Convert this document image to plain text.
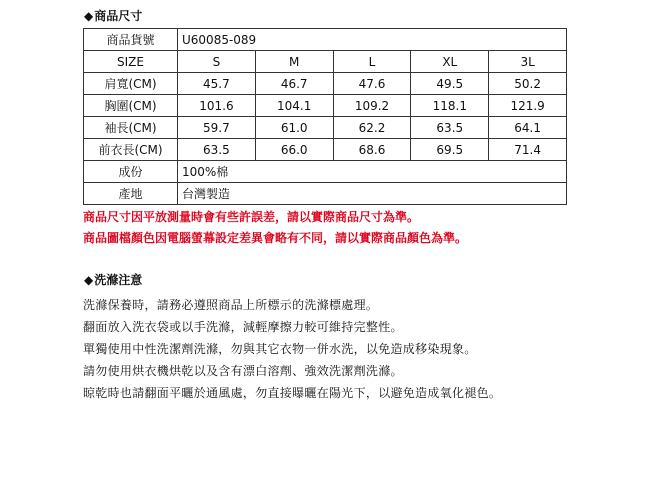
◆商品尺寸
商品貨號	U60085-089				
SIZE	S	M	L	XL	3L
肩寬(CM)	45.7	46.7	47.6	49.5	50.2
胸圍(CM)	101.6	104.1	109.2	118.1	121.9
袖長(CM)	59.7	61.0	62.2	63.5	64.1
前衣長(CM)	63.5	66.0	68.6	69.5	71.4
成份	100%棉				
產地	台灣製造				
商品尺寸因平放測量時會有些許誤差，請以實際商品尺寸為準。
商品圖檔顏色因電腦螢幕設定差異會略有不同，請以實際商品顏色為準。
◆洗滌注意
洗滌保養時，請務必遵照商品上所標示的洗滌標處理。
翻面放入洗衣袋或以手洗滌，減輕摩擦力較可維持完整性。
單獨使用中性洗潔劑洗滌，勿與其它衣物一併水洗，以免造成移染現象。
請勿使用烘衣機烘乾以及含有漂白溶劑、強效洗潔劑洗滌。
晾乾時也請翻面平曬於通風處，勿直接曝曬在陽光下，以避免造成氧化褪色。
